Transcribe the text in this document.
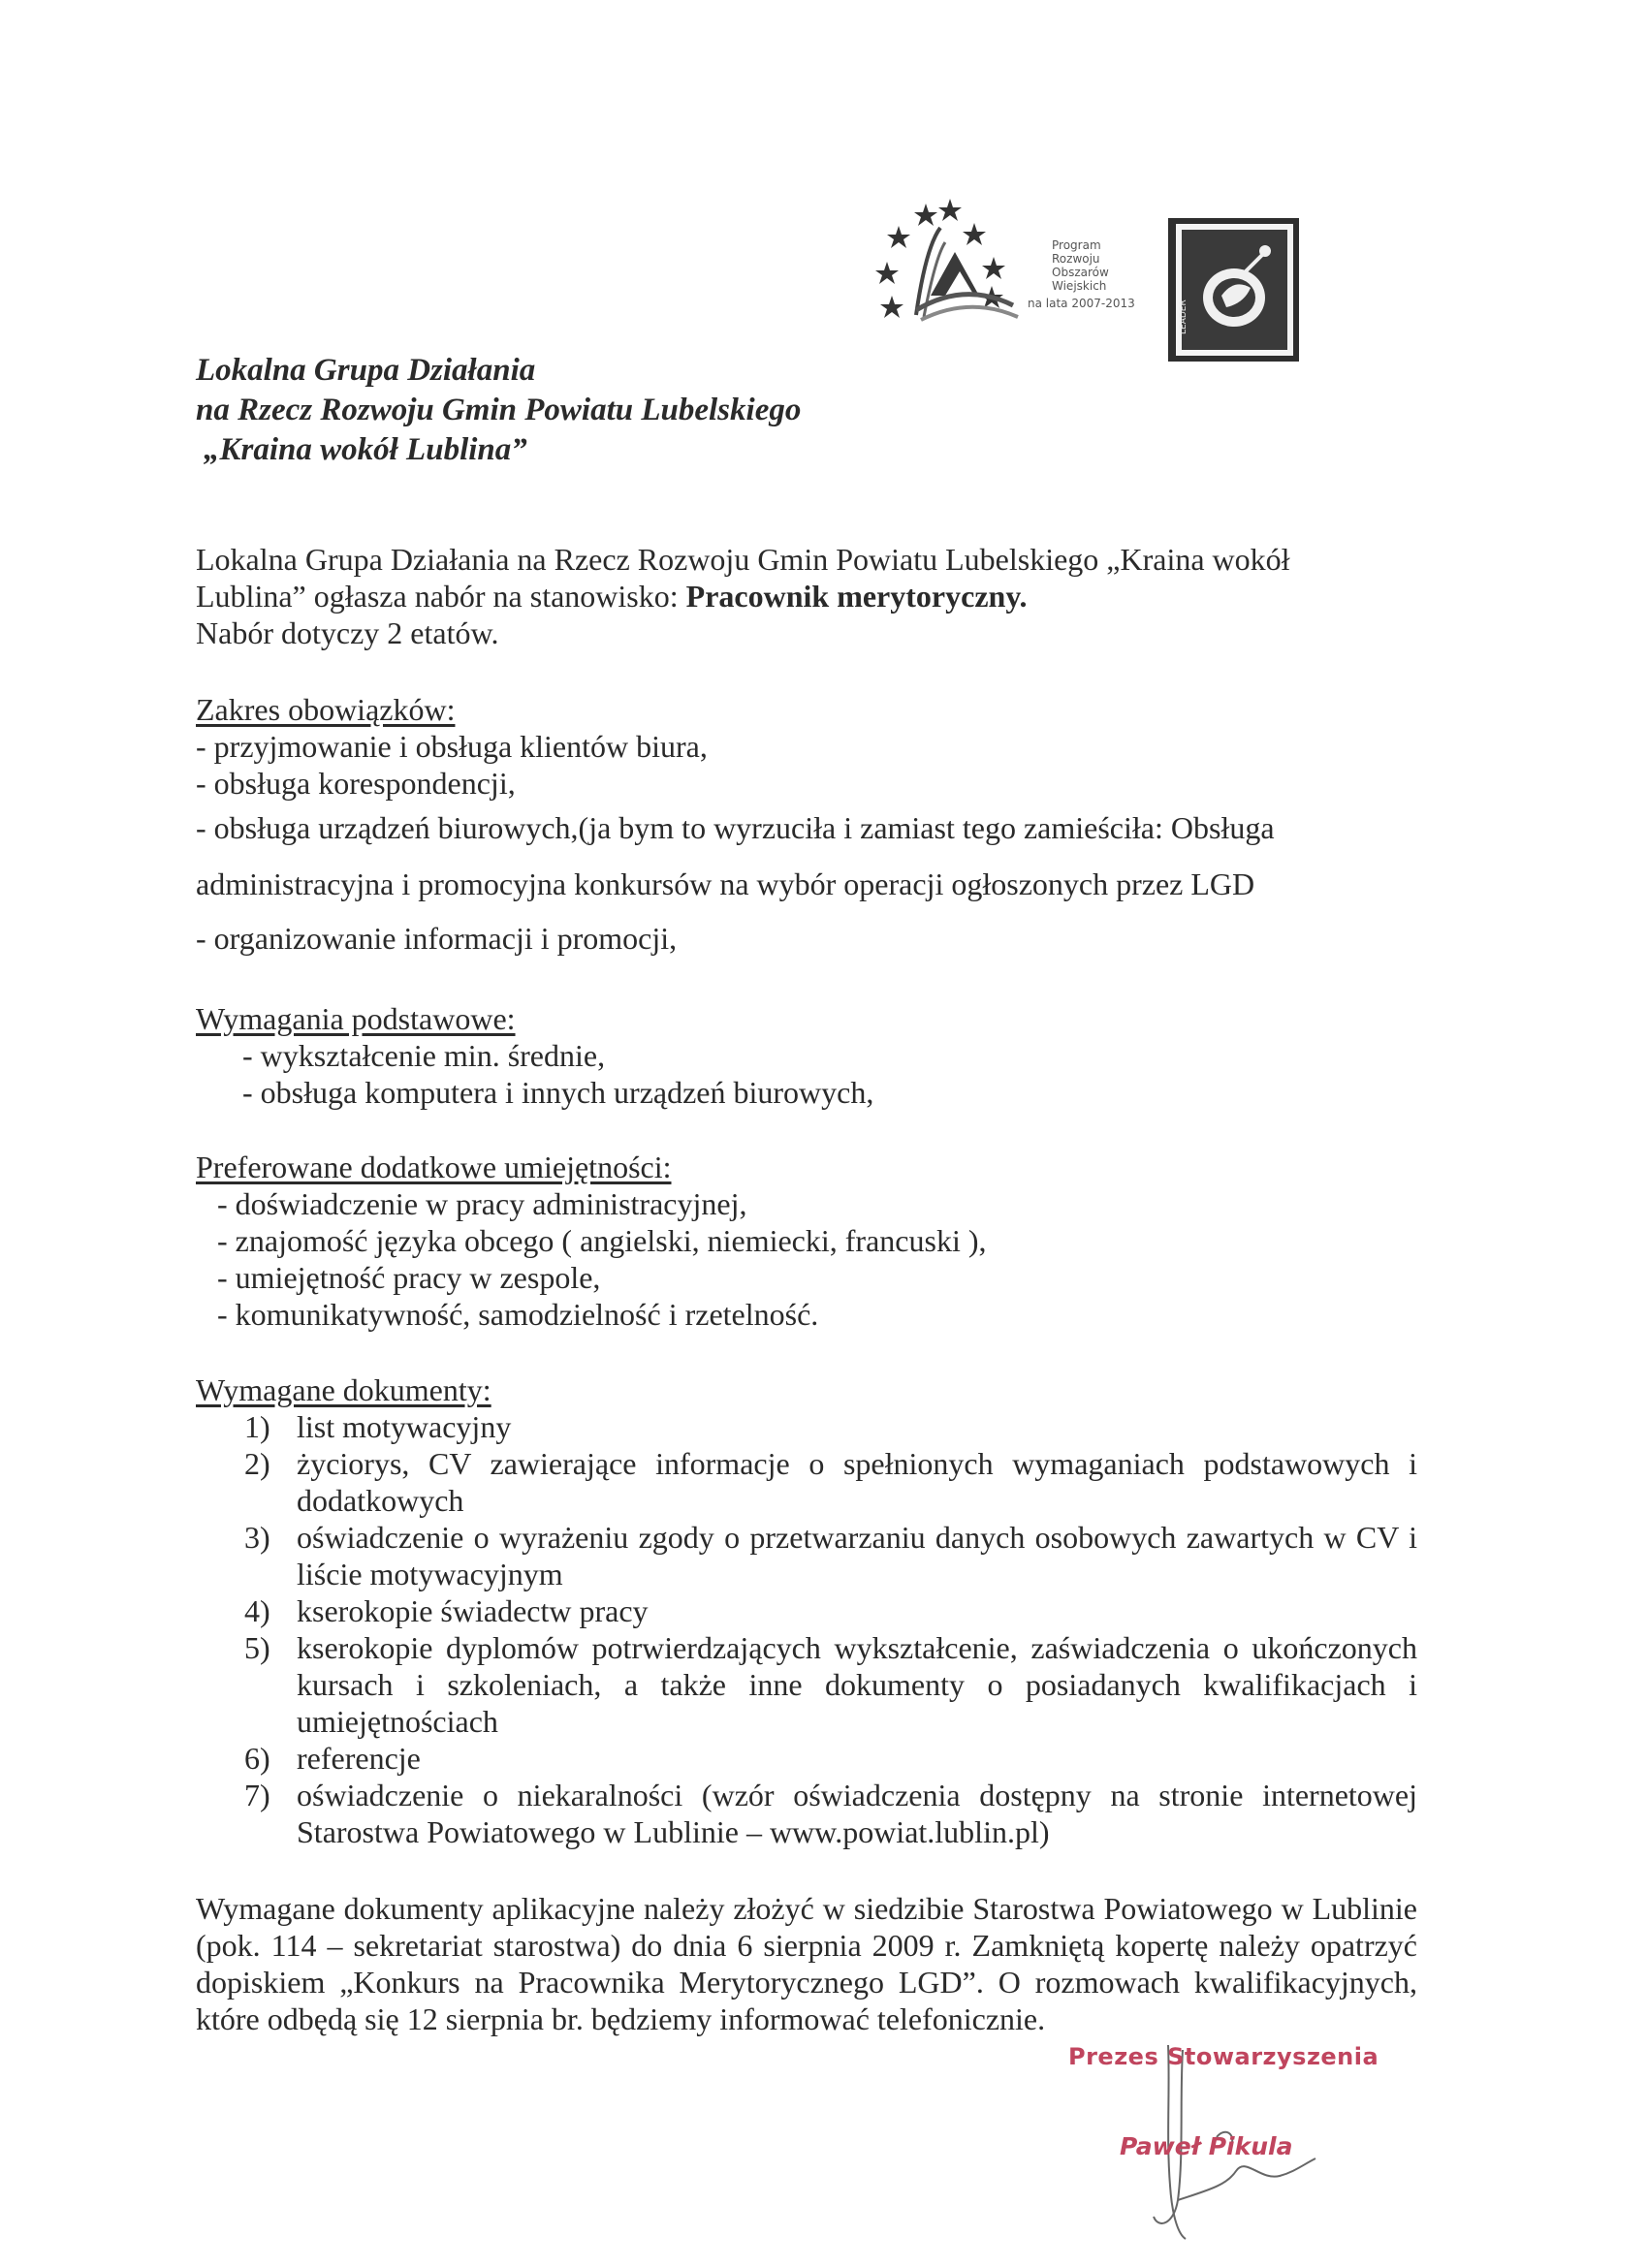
Program
Rozwoju
Obszarów
Wiejskich
na lata 2007-2013	LEADER
Lokalna Grupa Działania
na Rzecz Rozwoju Gmin Powiatu Lubelskiego
„Kraina wokół Lublina”
Lokalna Grupa Działania na Rzecz Rozwoju Gmin Powiatu Lubelskiego „Kraina wokół
Lublina” ogłasza nabór na stanowisko: Pracownik merytoryczny.
Nabór dotyczy 2 etatów.
Zakres obowiązków:
- przyjmowanie i obsługa klientów biura,
- obsługa korespondencji,
- obsługa urządzeń biurowych,(ja bym to wyrzuciła i zamiast tego zamieściła: Obsługa
administracyjna i promocyjna konkursów na wybór operacji ogłoszonych przez LGD
- organizowanie informacji i promocji,
Wymagania podstawowe:
- wykształcenie min. średnie,
- obsługa komputera i innych urządzeń biurowych,
Preferowane dodatkowe umiejętności:
- doświadczenie w pracy administracyjnej,
- znajomość języka obcego ( angielski, niemiecki, francuski ),
- umiejętność pracy w zespole,
- komunikatywność, samodzielność i rzetelność.
Wymagane dokumenty:
1) list motywacyjny
2) życiorys, CV zawierające informacje o spełnionych wymaganiach podstawowych i dodatkowych
3) oświadczenie o wyrażeniu zgody o przetwarzaniu danych osobowych zawartych w CV i liście motywacyjnym
4) kserokopie świadectw pracy
5) kserokopie dyplomów potrwierdzających wykształcenie, zaświadczenia o ukończonych kursach i szkoleniach, a także inne dokumenty o posiadanych kwalifikacjach i umiejętnościach
6) referencje
7) oświadczenie o niekaralności (wzór oświadczenia dostępny na stronie internetowej Starostwa Powiatowego w Lublinie – www.powiat.lublin.pl)
Wymagane dokumenty aplikacyjne należy złożyć w siedzibie Starostwa Powiatowego w Lublinie (pok. 114 – sekretariat starostwa) do dnia 6 sierpnia 2009 r. Zamkniętą kopertę należy opatrzyć dopiskiem „Konkurs na Pracownika Merytorycznego LGD”. O rozmowach kwalifikacyjnych, które odbędą się 12 sierpnia br. będziemy informować telefonicznie.
Prezes Stowarzyszenia
Paweł Pikula
